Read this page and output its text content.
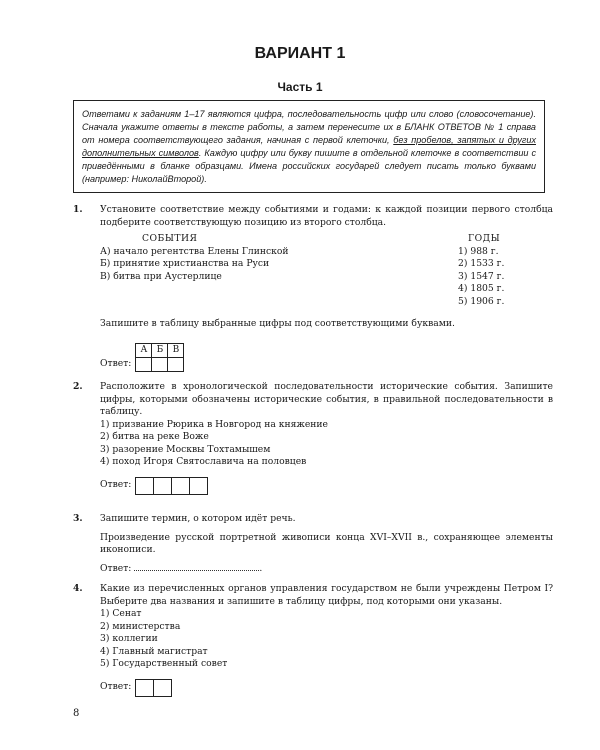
ВАРИАНТ 1
Часть 1

Ответами к заданиям 1–17 являются цифра, последовательность цифр или слово (словосочетание). Сначала укажите ответы в тексте работы, а затем перенесите их в БЛАНК ОТВЕТОВ № 1 справа от номера соответствующего задания, начиная с первой клеточки, без пробелов, запятых и других дополнительных символов. Каждую цифру или букву пишите в отдельной клеточке в соответствии с приведёнными в бланке образцами. Имена российских государей следует писать только буквами (например: НиколайВторой).

1. Установите соответствие между событиями и годами: к каждой позиции первого столбца подберите соответствующую позицию из второго столбца.

СОБЫТИЯ
А) начало регентства Елены Глинской
Б) принятие христианства на Руси
В) битва при Аустерлице
ГОДЫ
1) 988 г.
2) 1533 г.
3) 1547 г.
4) 1805 г.
5) 1906 г.

Запишите в таблицу выбранные цифры под соответствующими буквами.

Ответ:
А	Б	В

2. Расположите в хронологической последовательности исторические события. Запишите цифры, которыми обозначены исторические события, в правильной последовательности в таблицу.

1) призвание Рюрика в Новгород на княжение
2) битва на реке Воже
3) разорение Москвы Тохтамышем
4) поход Игоря Святославича на половцев
Ответ:
3. Запишите термин, о котором идёт речь.

Произведение русской портретной живописи конца XVI–XVII в., сохраняющее элементы иконописи.

Ответ:	.
4. Какие из перечисленных органов управления государством не были учреждены Петром I? Выберите два названия и запишите в таблицу цифры, под которыми они указаны.

1) Сенат
2) министерства
3) коллегии
4) Главный магистрат
5) Государственный совет
Ответ:
8
